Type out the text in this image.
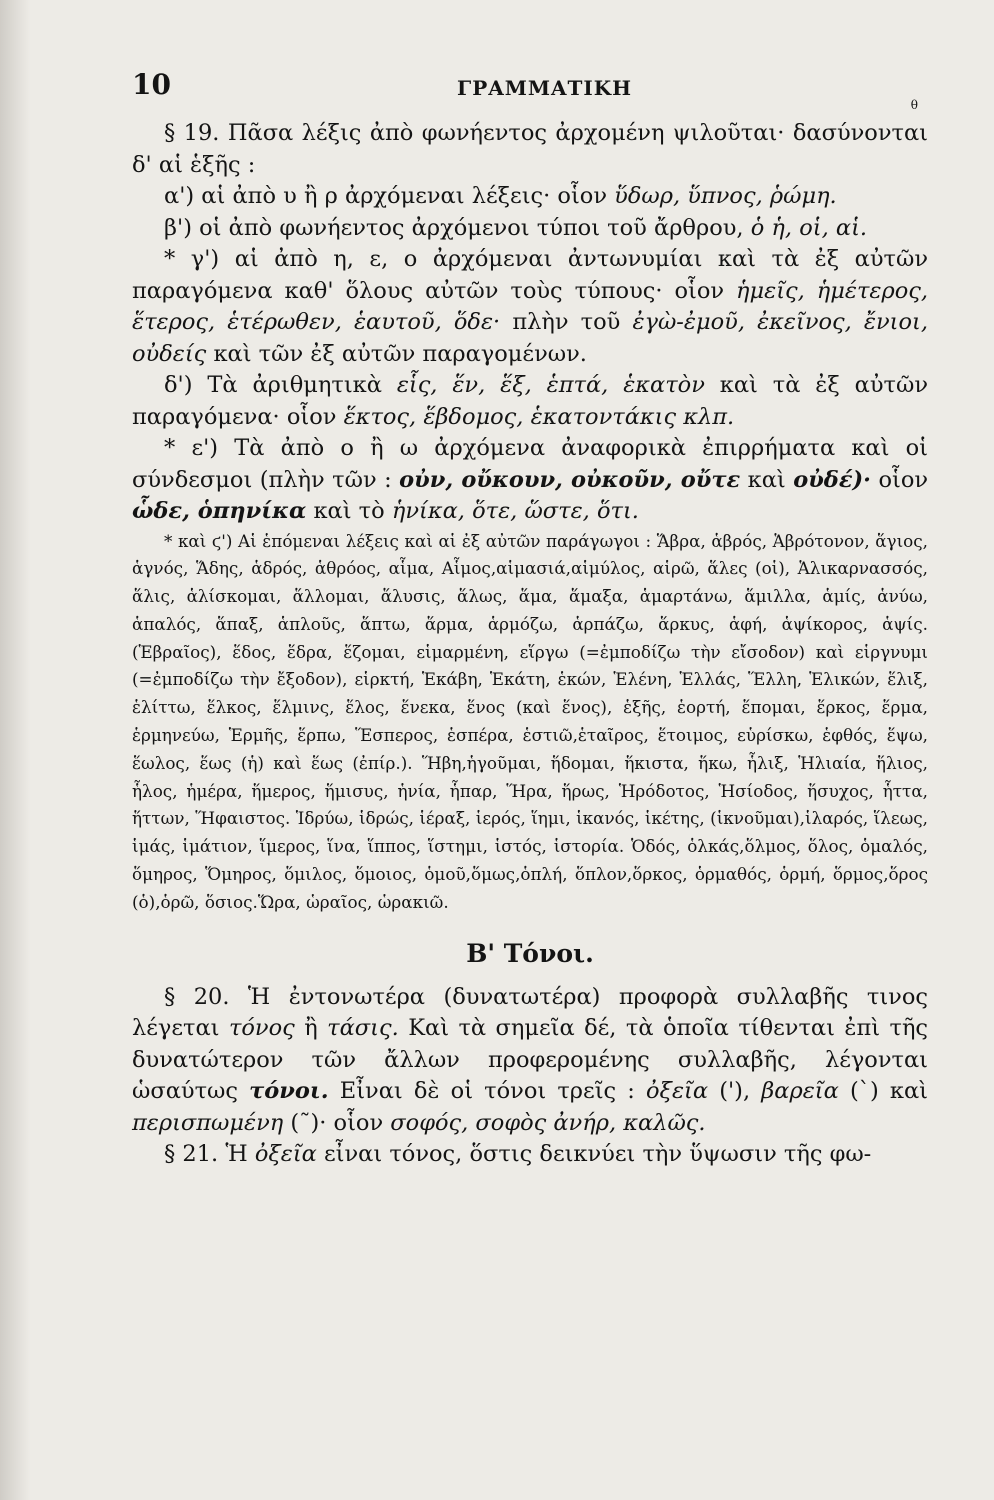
10	ΓΡΑΜΜΑΤΙΚΗ
θ

§ 19. Πᾶσα λέξις ἀπὸ φωνήεντος ἀρχομένη ψιλοῦται· δασύνονται δ' αἱ ἑξῆς :

α') αἱ ἀπὸ υ ἢ ρ ἀρχόμεναι λέξεις· οἷον ὕδωρ, ὕπνος, ῥώμη.

β') οἱ ἀπὸ φωνήεντος ἀρχόμενοι τύποι τοῦ ἄρθρου, ὁ ἡ, οἱ, αἱ.

* γ') αἱ ἀπὸ η, ε, ο ἀρχόμεναι ἀντωνυμίαι καὶ τὰ ἐξ αὐτῶν παραγόμενα καθ' ὅλους αὐτῶν τοὺς τύπους· οἷον ἡμεῖς, ἡμέτερος, ἕτερος, ἑτέρωθεν, ἑαυτοῦ, ὅδε· πλὴν τοῦ ἐγὼ-ἐμοῦ, ἐκεῖνος, ἔνιοι, οὐδείς καὶ τῶν ἐξ αὐτῶν παραγομένων.

δ') Τὰ ἀριθμητικὰ εἷς, ἕν, ἕξ, ἑπτά, ἑκατὸν καὶ τὰ ἐξ αὐτῶν παραγόμενα· οἷον ἕκτος, ἕβδομος, ἑκατοντάκις κλπ.

* ε') Τὰ ἀπὸ ο ἢ ω ἀρχόμενα ἀναφορικὰ ἐπιρρήματα καὶ οἱ σύνδεσμοι (πλὴν τῶν : οὐν, οὔκουν, οὐκοῦν, οὔτε καὶ οὐδέ)· οἷον ὧδε, ὁπηνίκα καὶ τὸ ἡνίκα, ὅτε, ὥστε, ὅτι.

* καὶ ϛ') Αἱ ἑπόμεναι λέξεις καὶ αἱ ἐξ αὐτῶν παράγωγοι : Ἅβρα, ἁβρός, Ἁβρότονον, ἅγιος, ἁγνός, Ἅδης, ἁδρός, ἁθρόος, αἷμα, Αἷμος,αἱμασιά,αἱμύλος, αἱρῶ, ἅλες (οἱ), Ἁλικαρνασσός, ἅλις, ἁλίσκομαι, ἅλλομαι, ἅλυσις, ἅλως, ἅμα, ἅμαξα, ἁμαρτάνω, ἅμιλλα, ἁμίς, ἁνύω, ἁπαλός, ἅπαξ, ἁπλοῦς, ἅπτω, ἅρμα, ἁρμόζω, ἁρπάζω, ἅρκυς, ἁφή, ἁψίκορος, ἁψίς. (Ἑβραῖος), ἕδος, ἕδρα, ἕζομαι, εἱμαρμένη, εἵργω (=ἐμποδίζω τὴν εἴσοδον) καὶ εἱργνυμι (=ἐμποδίζω τὴν ἔξοδον), εἱρκτή, Ἑκάβη, Ἑκάτη, ἑκών, Ἑλένη, Ἑλλάς, Ἕλλη, Ἑλικών, ἕλιξ, ἑλίττω, ἕλκος, ἕλμινς, ἕλος, ἕνεκα, ἕνος (καὶ ἕνος), ἑξῆς, ἑορτή, ἕπομαι, ἕρκος, ἕρμα, ἑρμηνεύω, Ἑρμῆς, ἕρπω, Ἕσπερος, ἑσπέρα, ἑστιῶ,ἑταῖρος, ἕτοιμος, εὑρίσκω, ἑφθός, ἕψω, ἕωλος, ἕως (ἡ) καὶ ἕως (ἐπίρ.). Ἥβη,ἡγοῦμαι, ἥδομαι, ἥκιστα, ἥκω, ἧλιξ, Ἡλιαία, ἥλιος, ἧλος, ἡμέρα, ἥμερος, ἥμισυς, ἡνία, ἧπαρ, Ἥρα, ἥρως, Ἡρόδοτος, Ἡσίοδος, ἥσυχος, ἧττα, ἥττων, Ἥφαιστος. Ἱδρύω, ἱδρώς, ἱέραξ, ἱερός, ἵημι, ἱκανός, ἱκέτης, (ἱκνοῦμαι),ἱλαρός, ἵλεως, ἱμάς, ἱμάτιον, ἵμερος, ἵνα, ἵππος, ἵστημι, ἱστός, ἱστορία. Ὁδός, ὁλκάς,ὅλμος, ὅλος, ὁμαλός, ὅμηρος, Ὅμηρος, ὅμιλος, ὅμοιος, ὁμοῦ,ὅμως,ὁπλή, ὅπλον,ὅρκος, ὁρμαθός, ὁρμή, ὅρμος,ὅρος (ὁ),ὁρῶ, ὅσιος.Ὥρα, ὡραῖος, ὡρακιῶ.

Β' Τόνοι.

§ 20. Ἡ ἐντονωτέρα (δυνατωτέρα) προφορὰ συλλαβῆς τινος λέγεται τόνος ἢ τάσις. Καὶ τὰ σημεῖα δέ, τὰ ὁποῖα τίθενται ἐπὶ τῆς δυνατώτερον τῶν ἄλλων προφερομένης συλλαβῆς, λέγονται ὡσαύτως τόνοι. Εἶναι δὲ οἱ τόνοι τρεῖς : ὀξεῖα ('), βαρεῖα (`) καὶ περισπωμένη (῀)· οἷον σοφός, σοφὸς ἀνήρ, καλῶς.

§ 21. Ἡ ὀξεῖα εἶναι τόνος, ὅστις δεικνύει τὴν ὕψωσιν τῆς φω-
